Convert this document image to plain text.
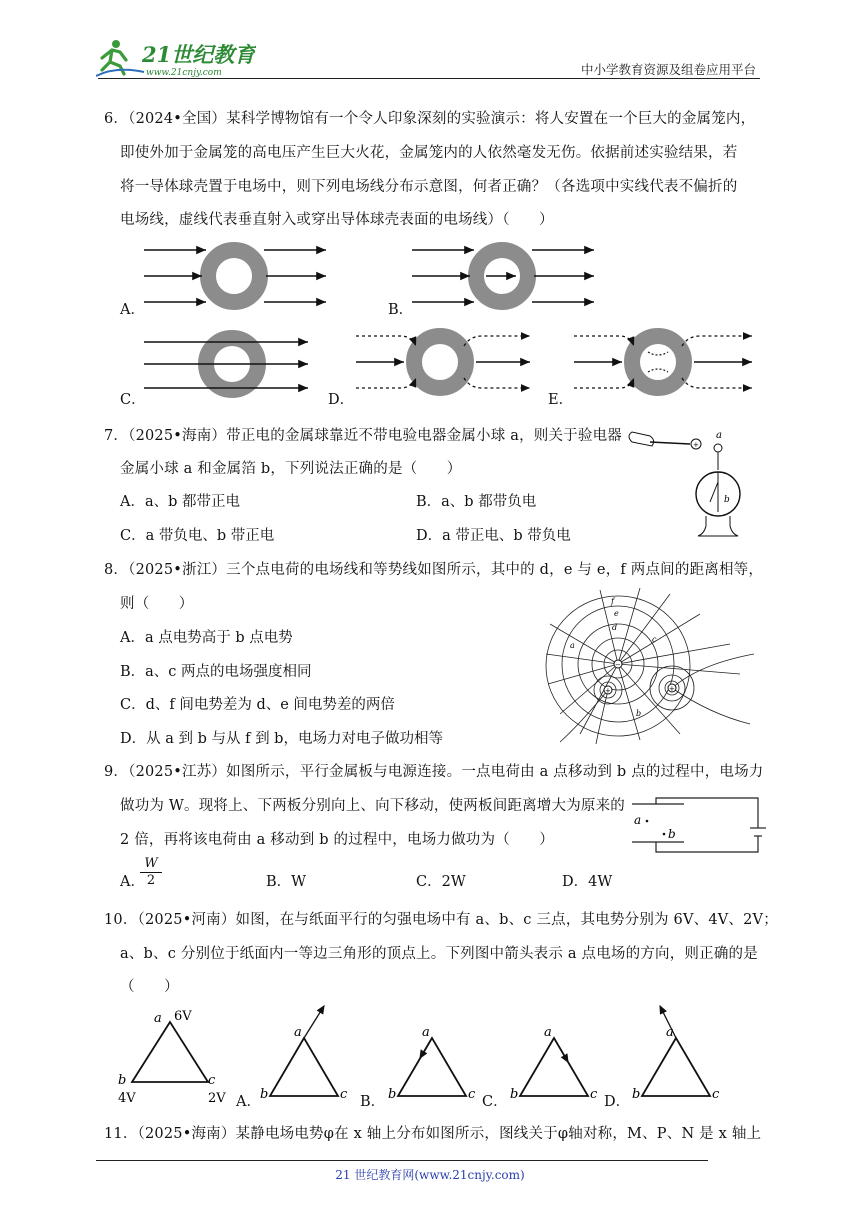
21世纪教育
www.21cnjy.com	中小学教育资源及组卷应用平台
6．（2024•全国）某科学博物馆有一个令人印象深刻的实验演示：将人安置在一个巨大的金属笼内，
即使外加于金属笼的高电压产生巨大火花，金属笼内的人依然毫发无伤。依据前述实验结果，若
将一导体球壳置于电场中，则下列电场线分布示意图，何者正确？（各选项中实线代表不偏折的
电场线，虚线代表垂直射入或穿出导体球壳表面的电场线）（　　）
A．	B．
C．	D．	E．
7．（2025•海南）带正电的金属球靠近不带电验电器金属小球 a，则关于验电器
金属小球 a 和金属箔 b，下列说法正确的是（　　）
A．a、b 都带正电	B．a、b 都带负电
C．a 带负电、b 带正电	D．a 带正电、b 带负电
+
a
b
8．（2025•浙江）三个点电荷的电场线和等势线如图所示，其中的 d，e 与 e，f 两点间的距离相等，
则（　　）
A．a 点电势高于 b 点电势
B．a、c 两点的电场强度相同
C．d、f 间电势差为 d、e 间电势差的两倍
D．从 a 到 b 与从 f 到 b，电场力对电子做功相等
−
+	+
f
e
d
a
c
b
9．（2025•江苏）如图所示，平行金属板与电源连接。一点电荷由 a 点移动到 b 点的过程中，电场力
做功为 W。现将上、下两板分别向上、向下移动，使两板间距离增大为原来的
2 倍，再将该电荷由 a 移动到 b 的过程中，电场力做功为（　　）
a
b
A．
$\frac{W}{2}$	B．W	C．2W	D．4W
10．（2025•河南）如图，在与纸面平行的匀强电场中有 a、b、c 三点，其电势分别为 6V、4V、2V；
a、b、c 分别位于纸面内一等边三角形的顶点上。下列图中箭头表示 a 点电场的方向，则正确的是
（　　）
a 6V
b
4V
c
2V
a
b	c
a
b	c
a
b	c
a
b	c
A．	B．	C．	D．
11．（2025•海南）某静电场电势φ在 x 轴上分布如图所示，图线关于φ轴对称，M、P、N 是 x 轴上
21 世纪教育网(www.21cnjy.com)
